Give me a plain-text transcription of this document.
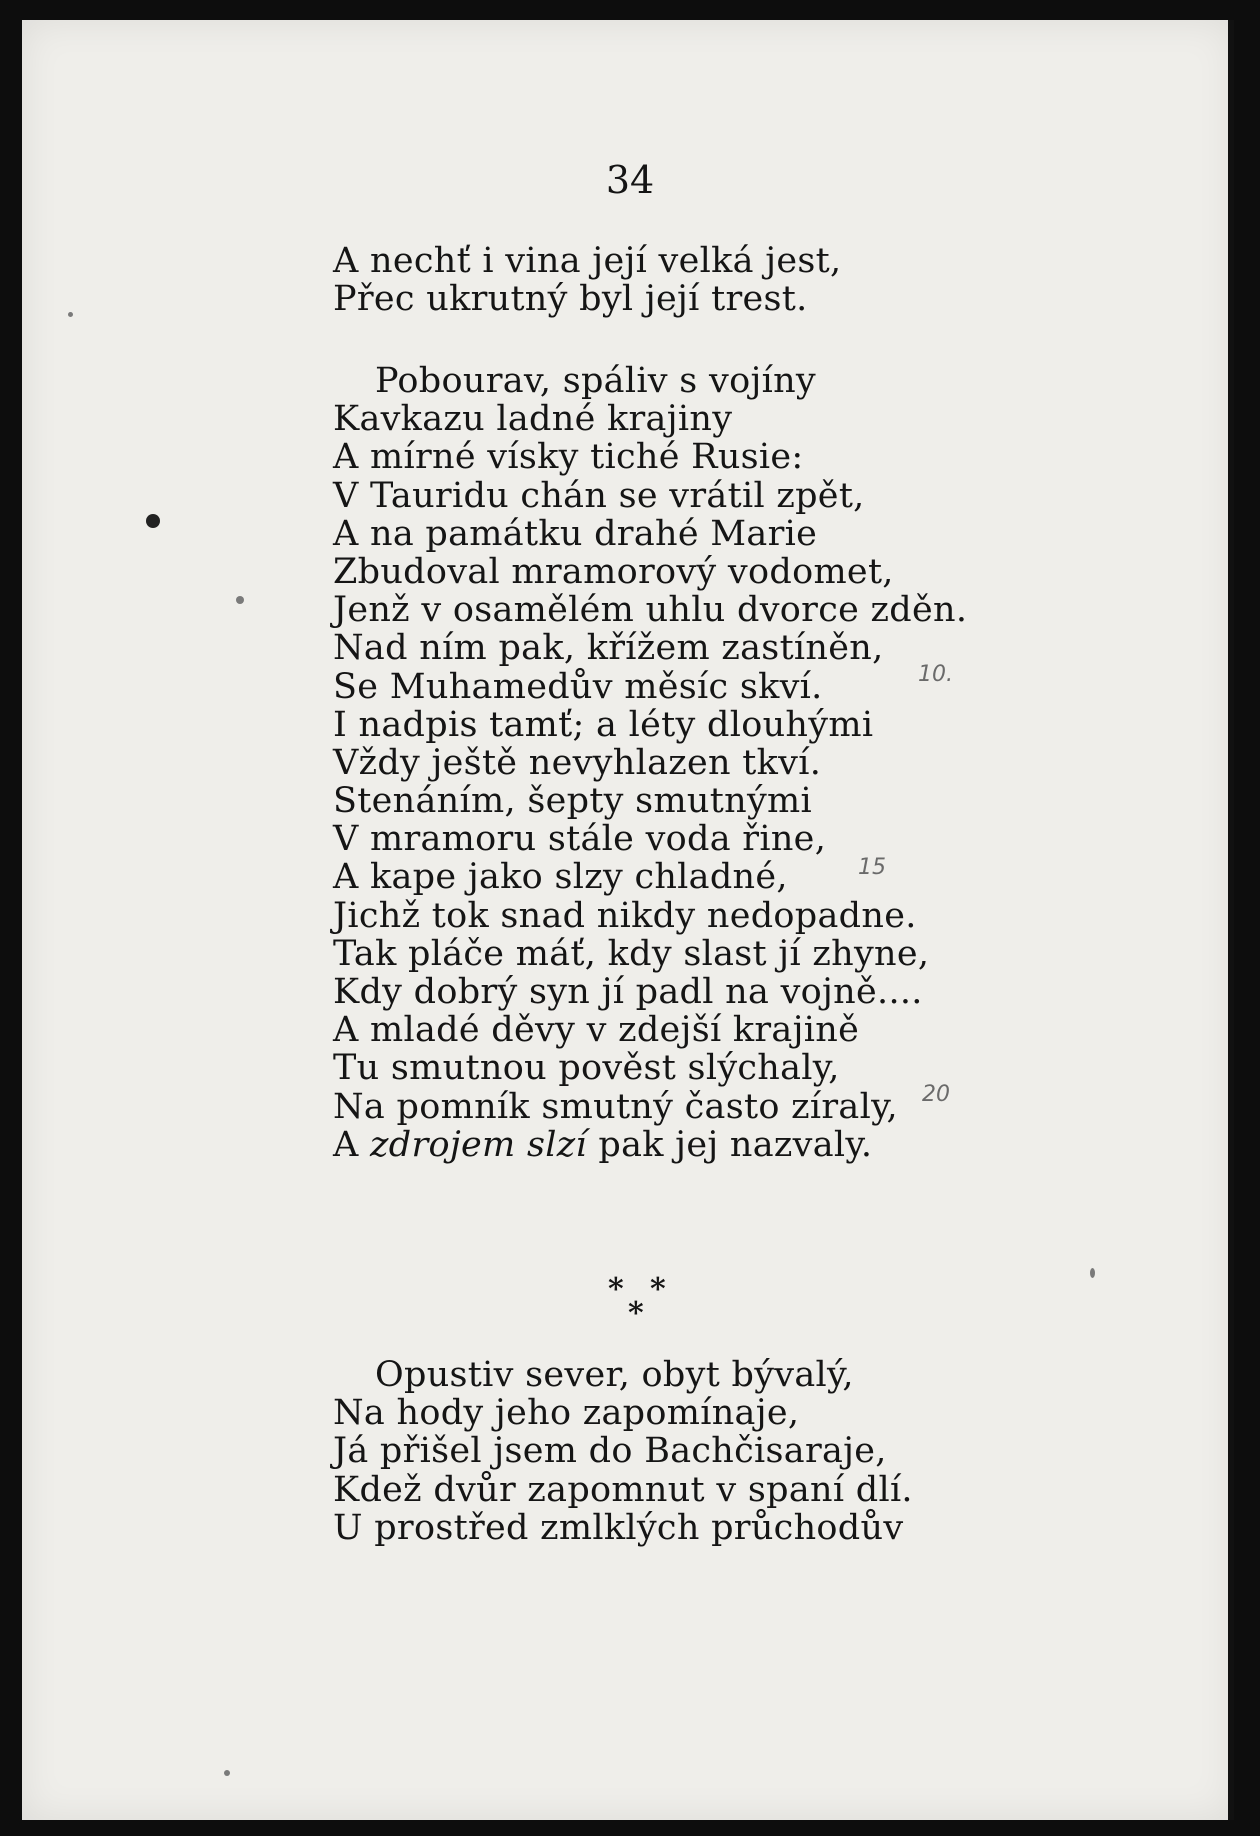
34
A nechť i vina její velká jest,
Přec ukrutný byl její trest.
Pobourav, spáliv s vojíny
Kavkazu ladné krajiny
A mírné vísky tiché Rusie:
V Tauridu chán se vrátil zpět,
A na památku drahé Marie
Zbudoval mramorový vodomet,
Jenž v osamělém uhlu dvorce zděn.
Nad ním pak, křížem zastíněn,
Se Muhamedův měsíc skví.
I nadpis tamť; a léty dlouhými
Vždy ještě nevyhlazen tkví.
Stenáním, šepty smutnými
V mramoru stále voda řine,
A kape jako slzy chladné,
Jichž tok snad nikdy nedopadne.
Tak pláče máť, kdy slast jí zhyne,
Kdy dobrý syn jí padl na vojně....
A mladé děvy v zdejší krajině
Tu smutnou pověst slýchaly,
Na pomník smutný často zíraly,
A zdrojem slzí pak jej nazvaly.
* *
*
Opustiv sever, obyt bývalý,
Na hody jeho zapomínaje,
Já přišel jsem do Bachčisaraje,
Kdež dvůr zapomnut v spaní dlí.
U prostřed zmlklých průchodův
10.
15
20
